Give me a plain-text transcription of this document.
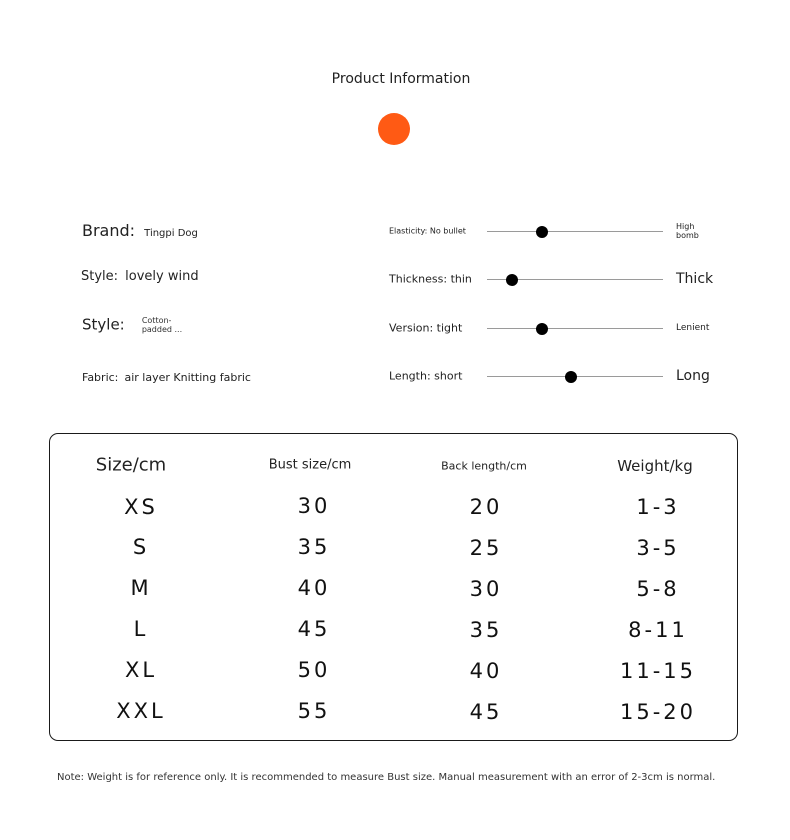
Product Information
Brand: Tingpi Dog
Style: lovely wind
Style: Cotton-
padded ...
Fabric: air layer Knitting fabric
Elasticity: No bullet	High
bomb
Thickness: thin	Thick
Version: tight	Lenient
Length: short	Long
Size/cm	Bust size/cm	Back length/cm	Weight/kg
XS	30	20	1-3
S	35	25	3-5
M	40	30	5-8
L	45	35	8-11
XL	50	40	11-15
XXL	55	45	15-20
Note: Weight is for reference only. It is recommended to measure Bust size. Manual measurement with an error of 2-3cm is normal.
